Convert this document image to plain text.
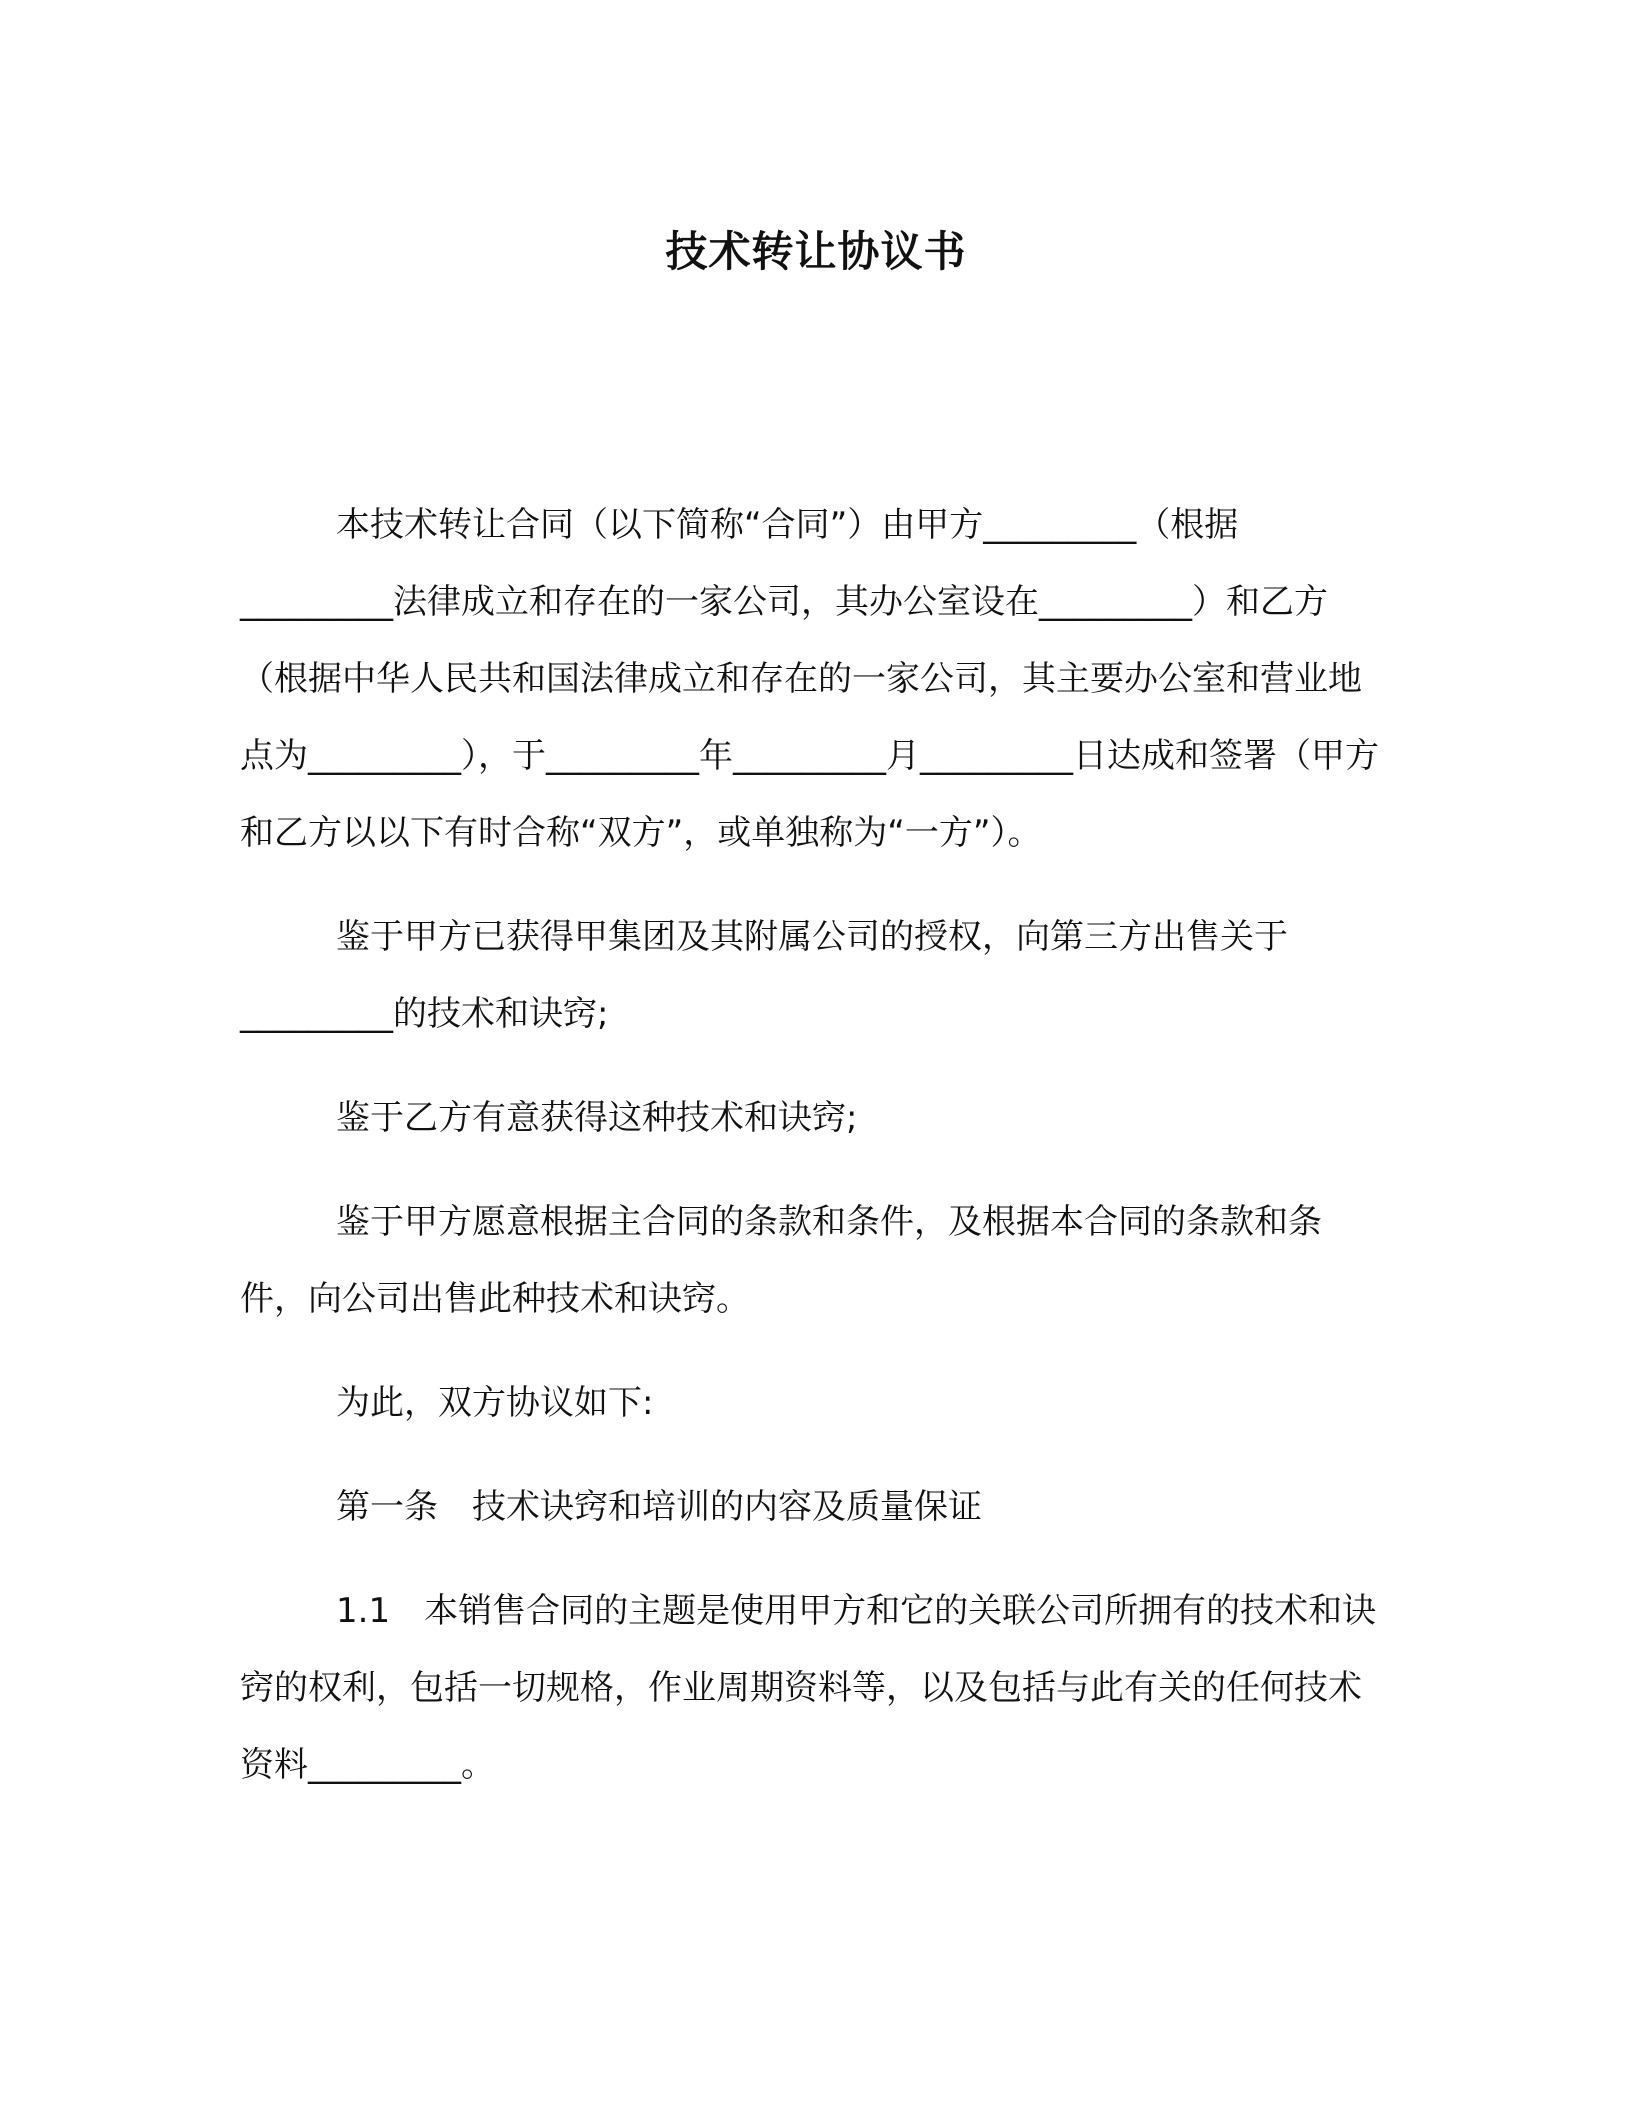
技术转让协议书

本技术转让合同（以下简称“合同”）由甲方_________（根据_________法律成立和存在的一家公司，其办公室设在_________）和乙方（根据中华人民共和国法律成立和存在的一家公司，其主要办公室和营业地点为_________），于_________年_________月_________日达成和签署（甲方和乙方以以下有时合称“双方”，或单独称为“一方”）。

鉴于甲方已获得甲集团及其附属公司的授权，向第三方出售关于_________的技术和诀窍;

鉴于乙方有意获得这种技术和诀窍;

鉴于甲方愿意根据主合同的条款和条件，及根据本合同的条款和条件，向公司出售此种技术和诀窍。

为此，双方协议如下:

第一条　技术诀窍和培训的内容及质量保证

1.1　本销售合同的主题是使用甲方和它的关联公司所拥有的技术和诀窍的权利，包括一切规格，作业周期资料等，以及包括与此有关的任何技术资料_________。
